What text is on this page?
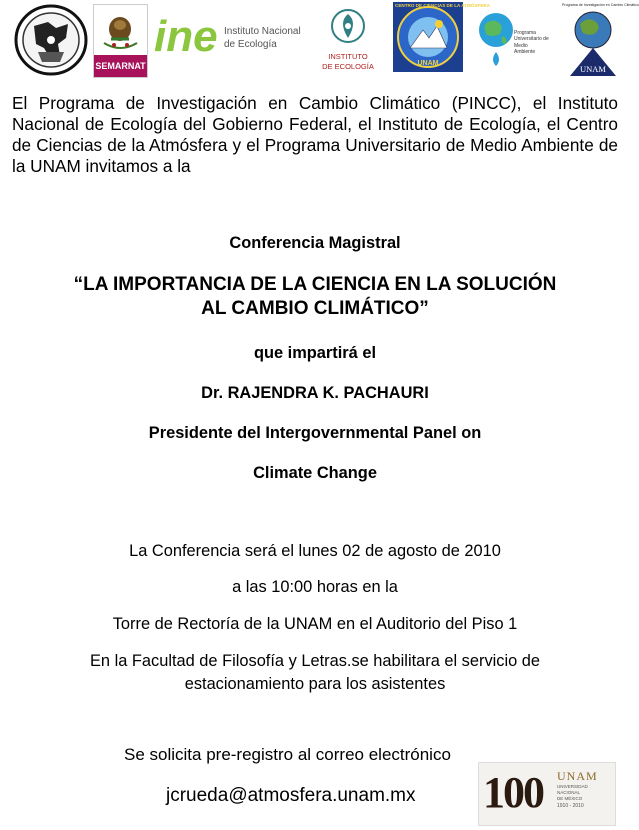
SEMARNAT
ine Instituto Nacional
de Ecología
INSTITUTO
DE ECOLOGÍA
CENTRO DE CIENCIAS DE LA ATMÓSFERA
UNAM
Programa
Universitario de
Medio
Ambiente
Programa de Investigación en Cambio Climático
UNAM

El Programa de Investigación en Cambio Climático (PINCC), el Instituto Nacional de Ecología del Gobierno Federal, el Instituto de Ecología, el Centro de Ciencias de la Atmósfera y el Programa Universitario de Medio Ambiente de la UNAM invitamos a la

Conferencia Magistral
“LA IMPORTANCIA DE LA CIENCIA EN LA SOLUCIÓN
AL CAMBIO CLIMÁTICO”
que impartirá el
Dr. RAJENDRA K. PACHAURI
Presidente del Intergovernmental Panel on
Climate Change
La Conferencia será el lunes 02 de agosto de 2010
a las 10:00 horas en la
Torre de Rectoría de la UNAM en el Auditorio del Piso 1
En la Facultad de Filosofía y Letras.se habilitara el servicio de
estacionamiento para los asistentes
Se solicita pre-registro al correo electrónico
jcrueda@atmosfera.unam.mx 100 UNAM
UNIVERSIDAD
NACIONAL
DE MÉXICO
1910 - 2010
